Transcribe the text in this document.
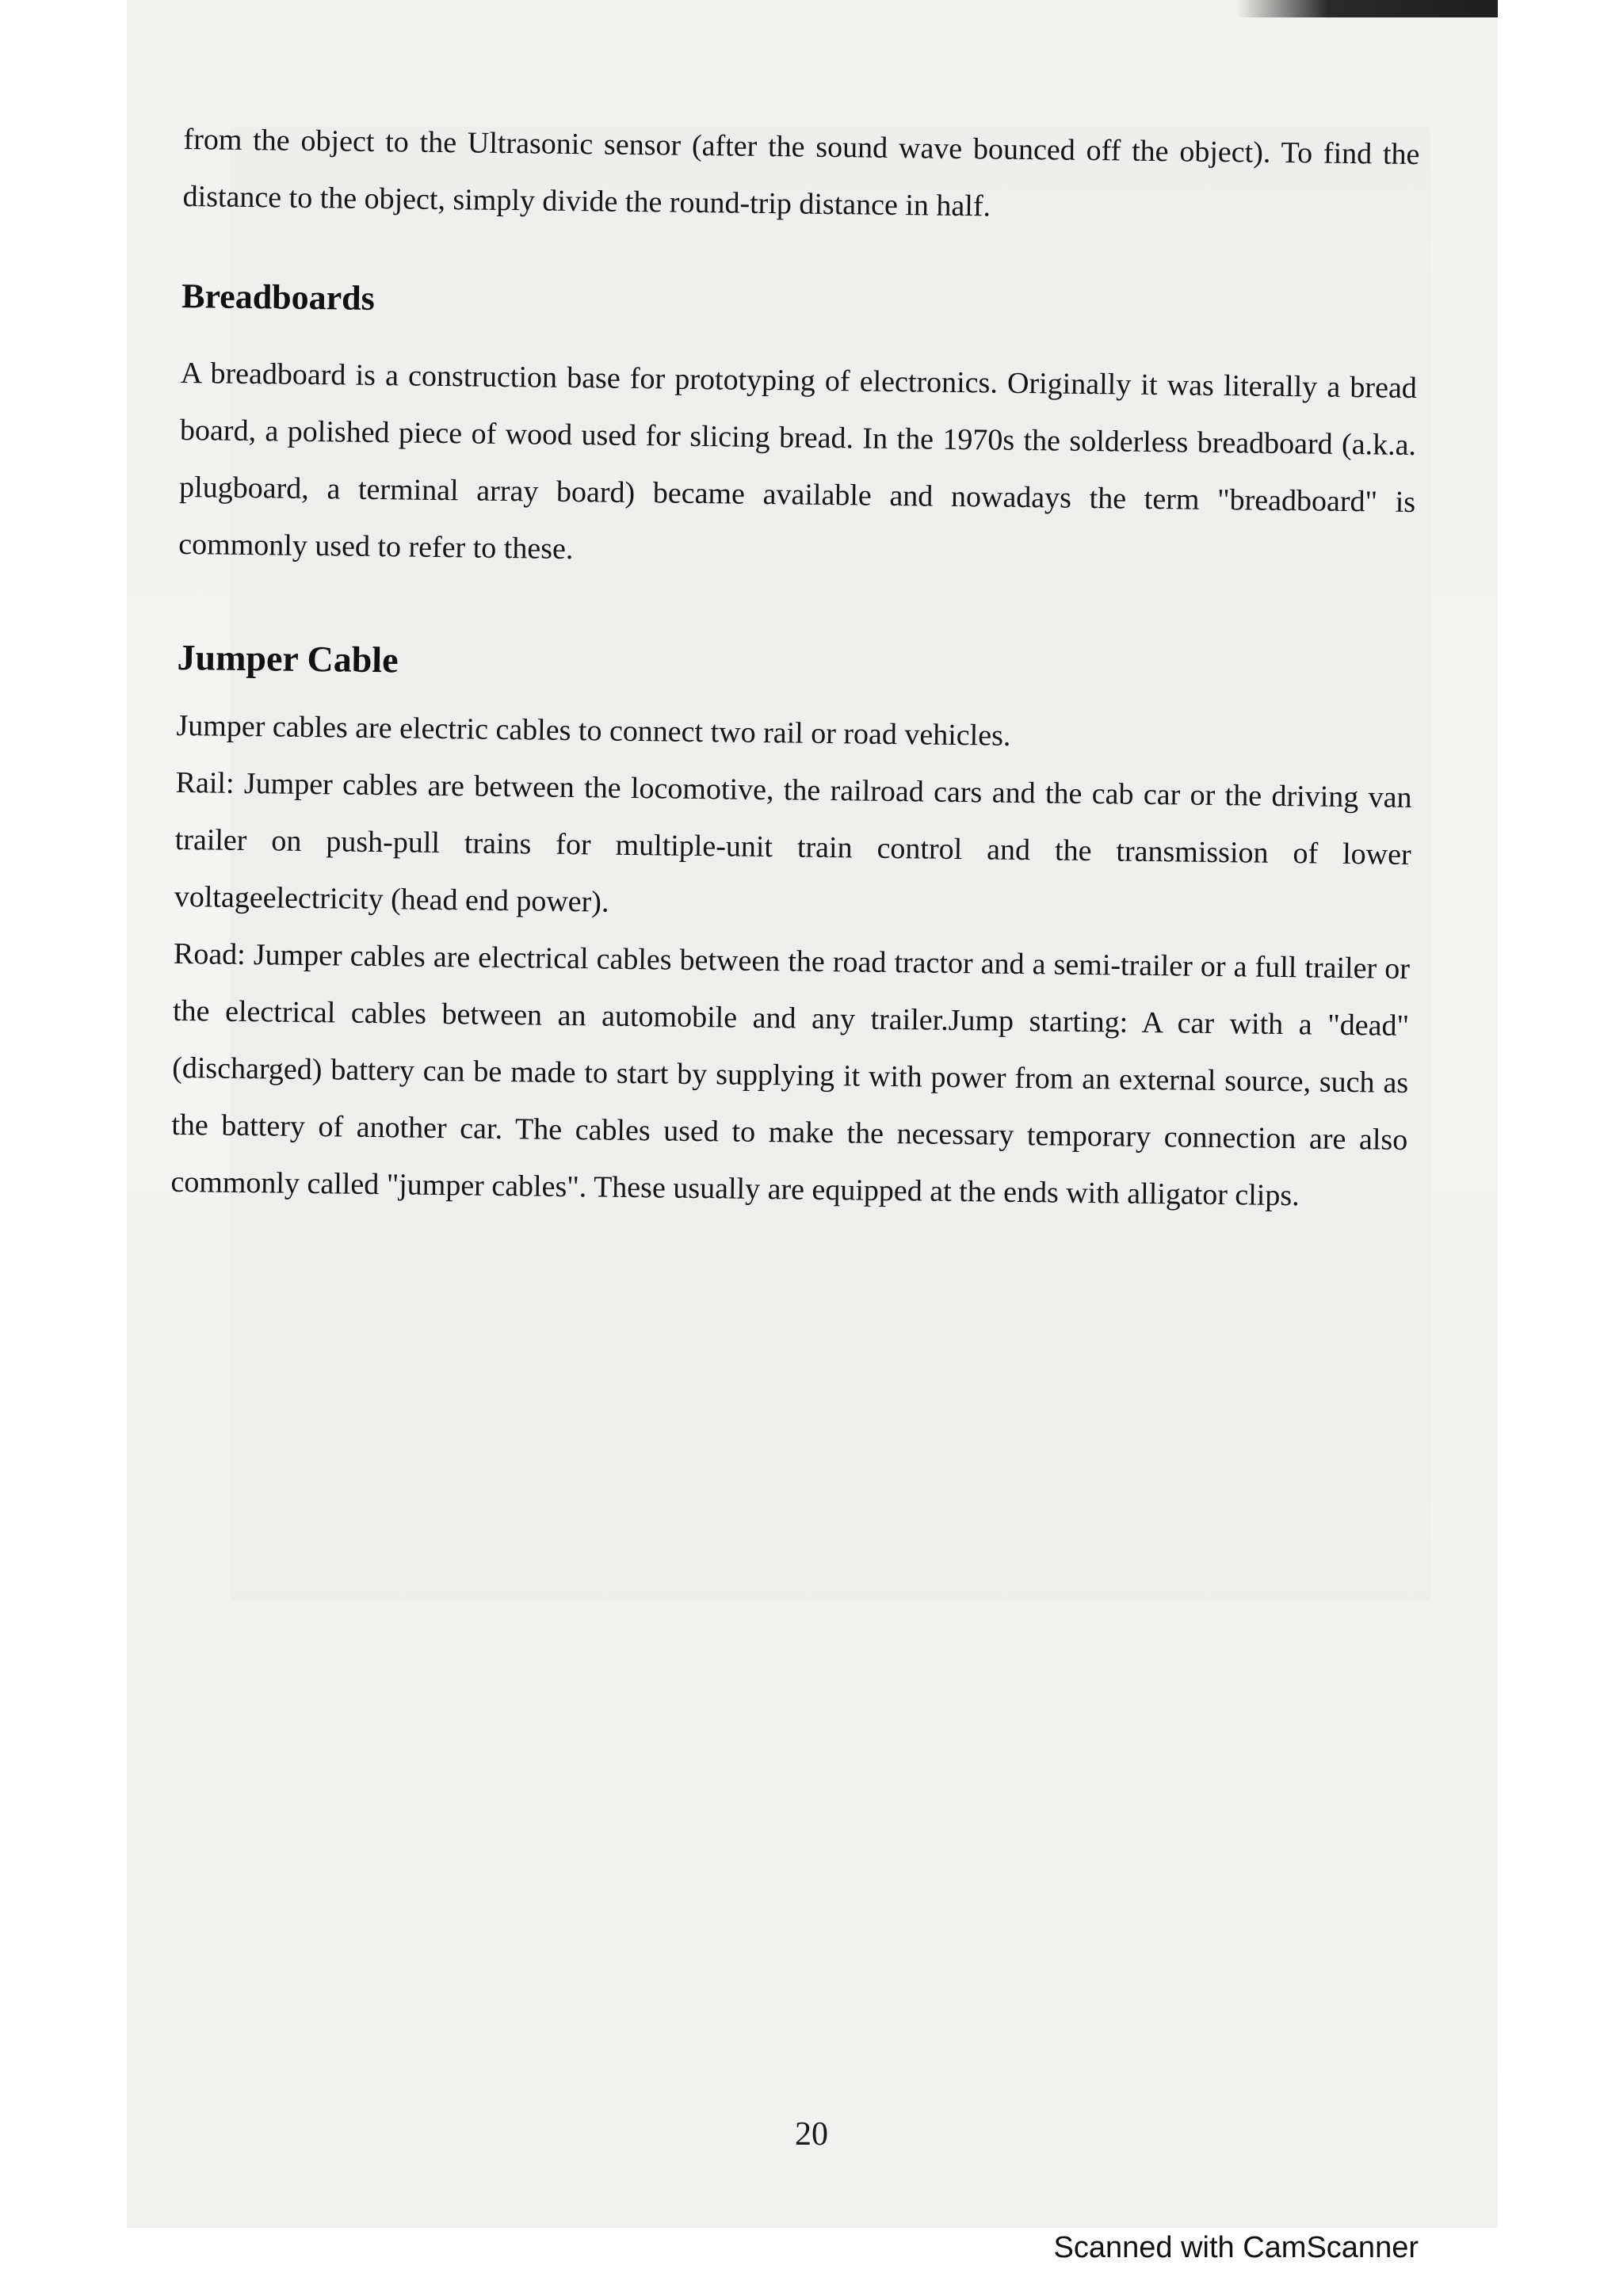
from the object to the Ultrasonic sensor (after the sound wave bounced off the object). To find the distance to the object, simply divide the round-trip distance in half.

Breadboards

A breadboard is a construction base for prototyping of electronics. Originally it was literally a bread board, a polished piece of wood used for slicing bread. In the 1970s the solderless breadboard (a.k.a. plugboard, a terminal array board) became available and nowadays the term "breadboard" is commonly used to refer to these.

Jumper Cable

Jumper cables are electric cables to connect two rail or road vehicles.

Rail: Jumper cables are between the locomotive, the railroad cars and the cab car or the driving van trailer on push-pull trains for multiple-unit train control and the transmission of lower voltageelectricity (head end power).

Road: Jumper cables are electrical cables between the road tractor and a semi-trailer or a full trailer or the electrical cables between an automobile and any trailer.Jump starting: A car with a "dead" (discharged) battery can be made to start by supplying it with power from an external source, such as the battery of another car. The cables used to make the necessary temporary connection are also commonly called "jumper cables". These usually are equipped at the ends with alligator clips.

20
Scanned with CamScanner
